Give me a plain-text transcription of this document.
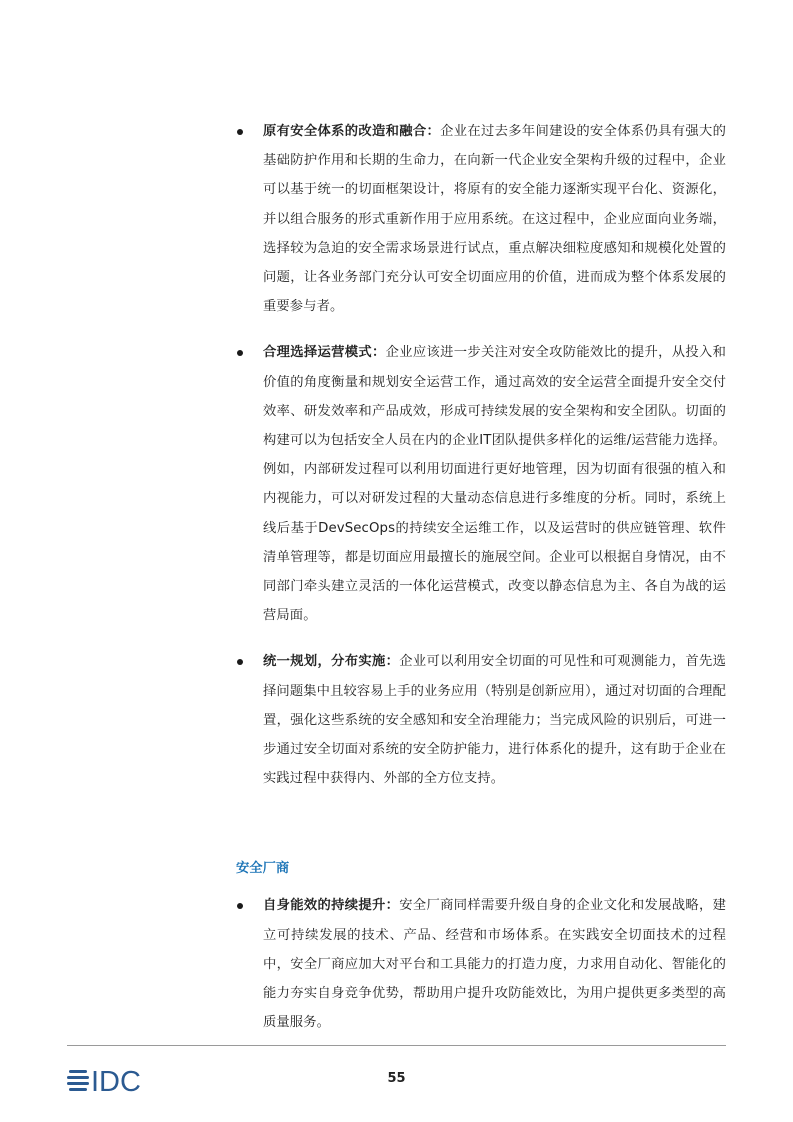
原有安全体系的改造和融合：企业在过去多年间建设的安全体系仍具有强大的基础防护作用和长期的生命力，在向新一代企业安全架构升级的过程中，企业可以基于统一的切面框架设计，将原有的安全能力逐渐实现平台化、资源化，并以组合服务的形式重新作用于应用系统。在这过程中，企业应面向业务端，选择较为急迫的安全需求场景进行试点，重点解决细粒度感知和规模化处置的问题，让各业务部门充分认可安全切面应用的价值，进而成为整个体系发展的重要参与者。
合理选择运营模式：企业应该进一步关注对安全攻防能效比的提升，从投入和价值的角度衡量和规划安全运营工作，通过高效的安全运营全面提升安全交付效率、研发效率和产品成效，形成可持续发展的安全架构和安全团队。切面的构建可以为包括安全人员在内的企业IT团队提供多样化的运维/运营能力选择。例如，内部研发过程可以利用切面进行更好地管理，因为切面有很强的植入和内视能力，可以对研发过程的大量动态信息进行多维度的分析。同时，系统上线后基于DevSecOps的持续安全运维工作，以及运营时的供应链管理、软件清单管理等，都是切面应用最擅长的施展空间。企业可以根据自身情况，由不同部门牵头建立灵活的一体化运营模式，改变以静态信息为主、各自为战的运营局面。
统一规划，分布实施：企业可以利用安全切面的可见性和可观测能力，首先选择问题集中且较容易上手的业务应用（特别是创新应用），通过对切面的合理配置，强化这些系统的安全感知和安全治理能力；当完成风险的识别后，可进一步通过安全切面对系统的安全防护能力，进行体系化的提升，这有助于企业在实践过程中获得内、外部的全方位支持。
安全厂商
自身能效的持续提升：安全厂商同样需要升级自身的企业文化和发展战略，建立可持续发展的技术、产品、经营和市场体系。在实践安全切面技术的过程中，安全厂商应加大对平台和工具能力的打造力度，力求用自动化、智能化的能力夯实自身竞争优势，帮助用户提升攻防能效比，为用户提供更多类型的高质量服务。
IDC	55
